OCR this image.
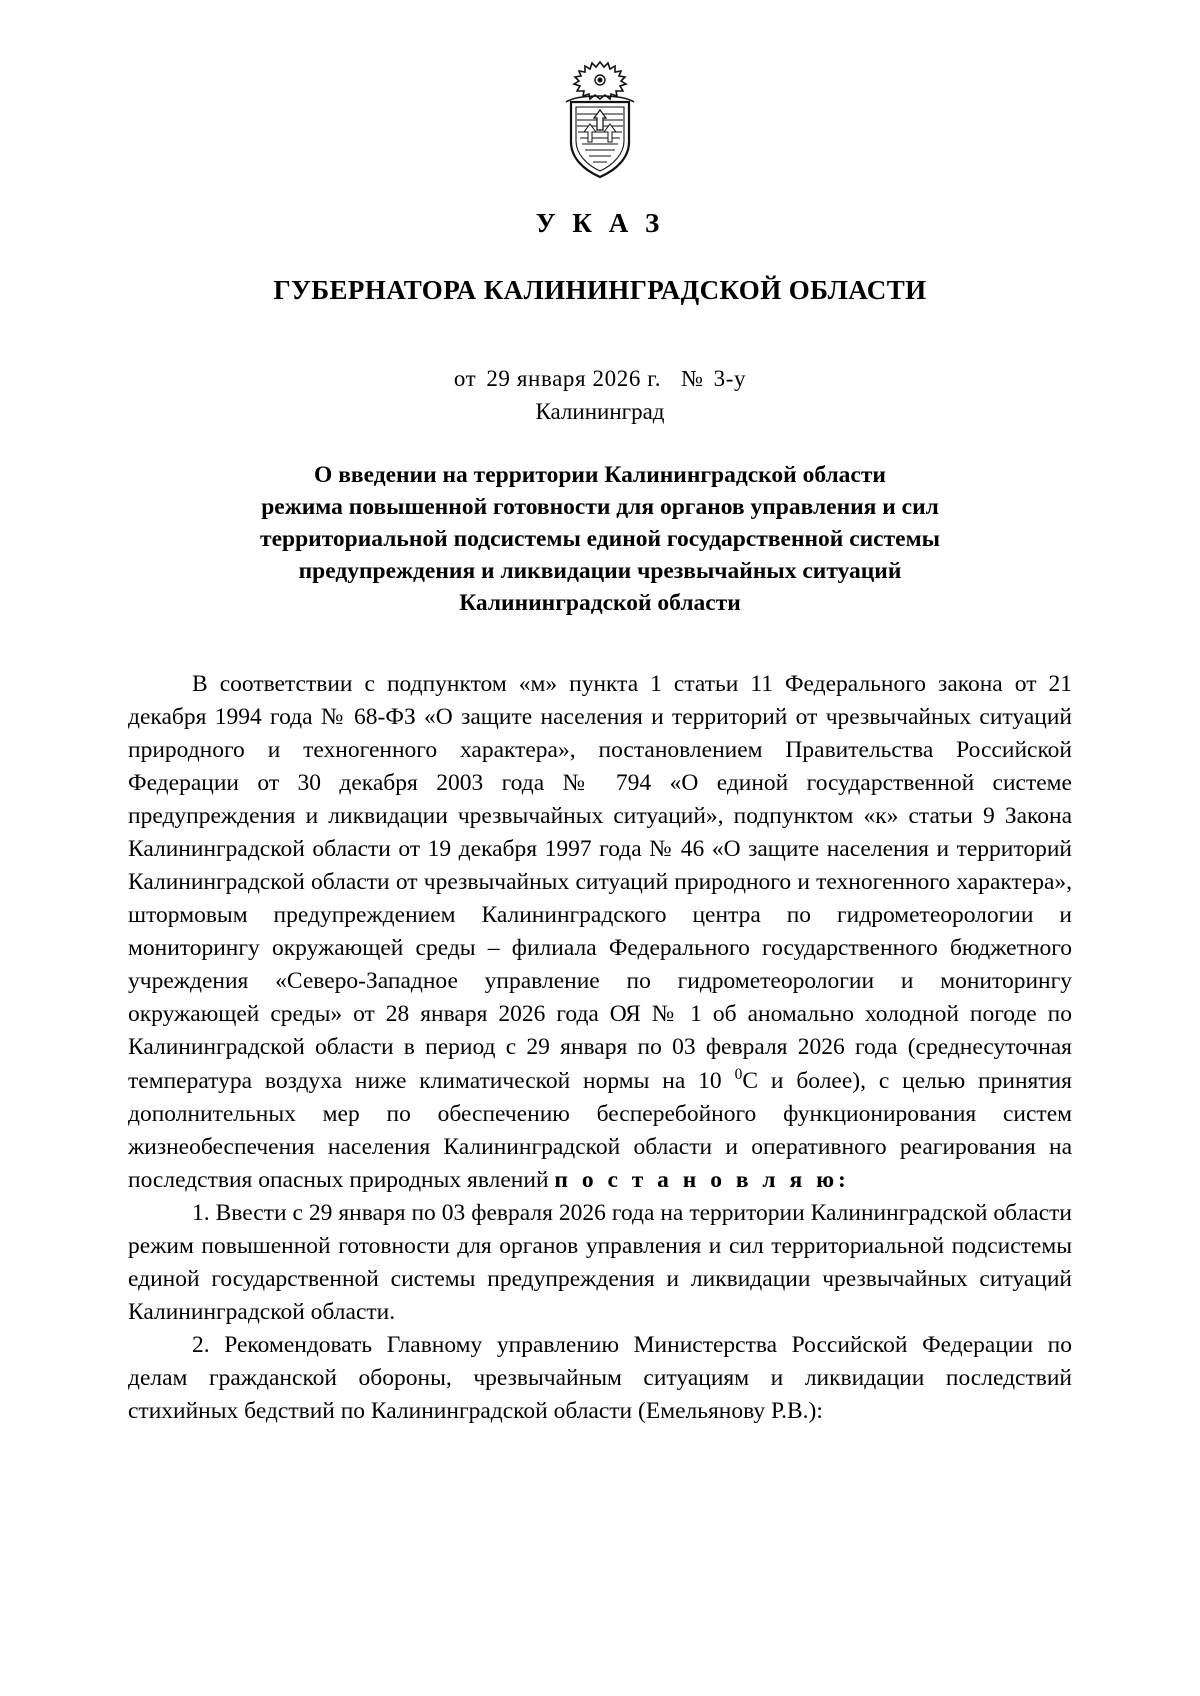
У К А З
ГУБЕРНАТОРА КАЛИНИНГРАДСКОЙ ОБЛАСТИ
от 29 января 2026 г. № 3-у
Калининград
О введении на территории Калининградской области
режима повышенной готовности для органов управления и сил
территориальной подсистемы единой государственной системы
предупреждения и ликвидации чрезвычайных ситуаций
Калининградской области

В соответствии с подпунктом «м» пункта 1 статьи 11 Федерального закона от 21 декабря 1994 года № 68-ФЗ «О защите населения и территорий от чрезвычайных ситуаций природного и техногенного характера», постановлением Правительства Российской Федерации от 30 декабря 2003 года № 794 «О единой государственной системе предупреждения и ликвидации чрезвычайных ситуаций», подпунктом «к» статьи 9 Закона Калининградской области от 19 декабря 1997 года № 46 «О защите населения и территорий Калининградской области от чрезвычайных ситуаций природного и техногенного характера», штормовым предупреждением Калининградского центра по гидрометеорологии и мониторингу окружающей среды – филиала Федерального государственного бюджетного учреждения «Северо-Западное управление по гидрометеорологии и мониторингу окружающей среды» от 28 января 2026 года ОЯ № 1 об аномально холодной погоде по Калининградской области в период с 29 января по 03 февраля 2026 года (среднесуточная температура воздуха ниже климатической нормы на 10 $^0$С и более), с целью принятия дополнительных мер по обеспечению бесперебойного функционирования систем жизнеобеспечения населения Калининградской области и оперативного реагирования на последствия опасных природных явлений п о с т а н о в л я ю:

1. Ввести с 29 января по 03 февраля 2026 года на территории Калининградской области режим повышенной готовности для органов управления и сил территориальной подсистемы единой государственной системы предупреждения и ликвидации чрезвычайных ситуаций Калининградской области.

2. Рекомендовать Главному управлению Министерства Российской Федерации по делам гражданской обороны, чрезвычайным ситуациям и ликвидации последствий стихийных бедствий по Калининградской области (Емельянову Р.В.):
